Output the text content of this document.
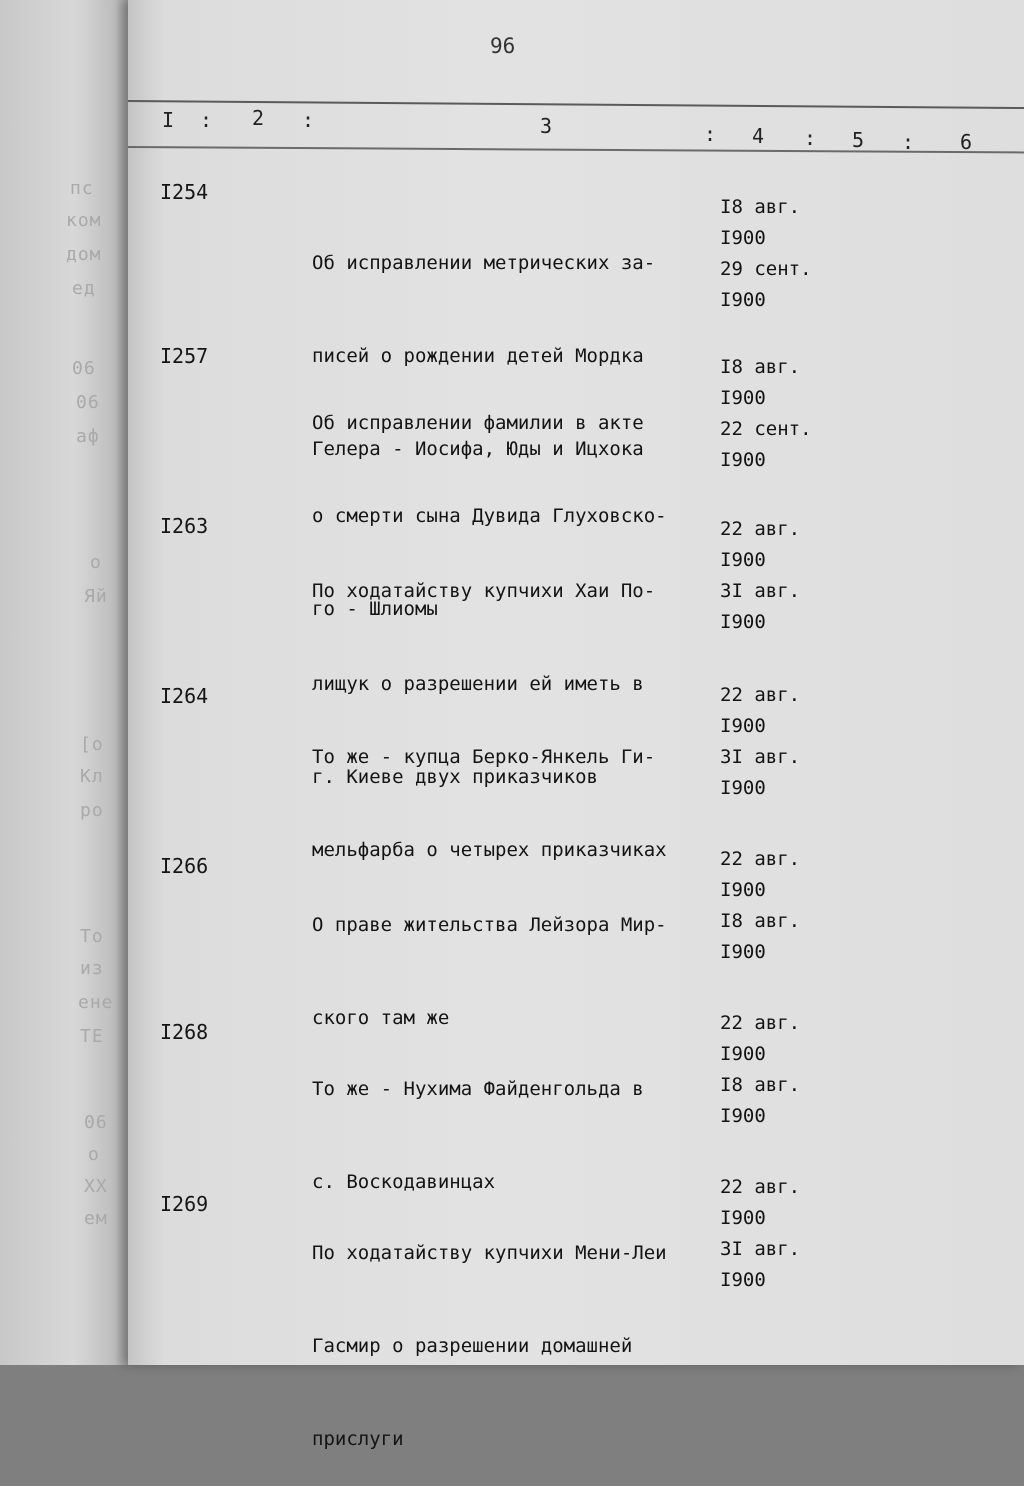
пс
ком
дом
ед
06
06
аф
о
Яй
[о
Кл
ро
То
из
ене
ТЕ
06
о
ХХ
ем
96
I : 2 :	3	: 4 : 5 : 6
I254

Об исправлении метрических за-

писей о рождении детей Мордка

Гелера - Иосифа, Юды и Ицхока

I8 авг.
I900
29 сент.
I900
I257

Об исправлении фамилии в акте

о смерти сына Дувида Глуховско-

го - Шлиомы

I8 авг.
I900
22 сент.
I900
I263

По ходатайству купчихи Хаи По-

лищук о разрешении ей иметь в

г. Киеве двух приказчиков

22 авг.
I900
3I авг.
I900
I264

То же - купца Берко-Янкель Ги-

мельфарба о четырех приказчиках

22 авг.
I900
3I авг.
I900
I266

О праве жительства Лейзора Мир-

ского там же

22 авг.
I900
I8 авг.
I900
I268

То же - Нухима Файденгольда в

с. Воскодавинцах

22 авг.
I900
I8 авг.
I900
I269

По ходатайству купчихи Мени-Леи

Гасмир о разрешении домашней

прислуги

22 авг.
I900
3I авг.
I900
